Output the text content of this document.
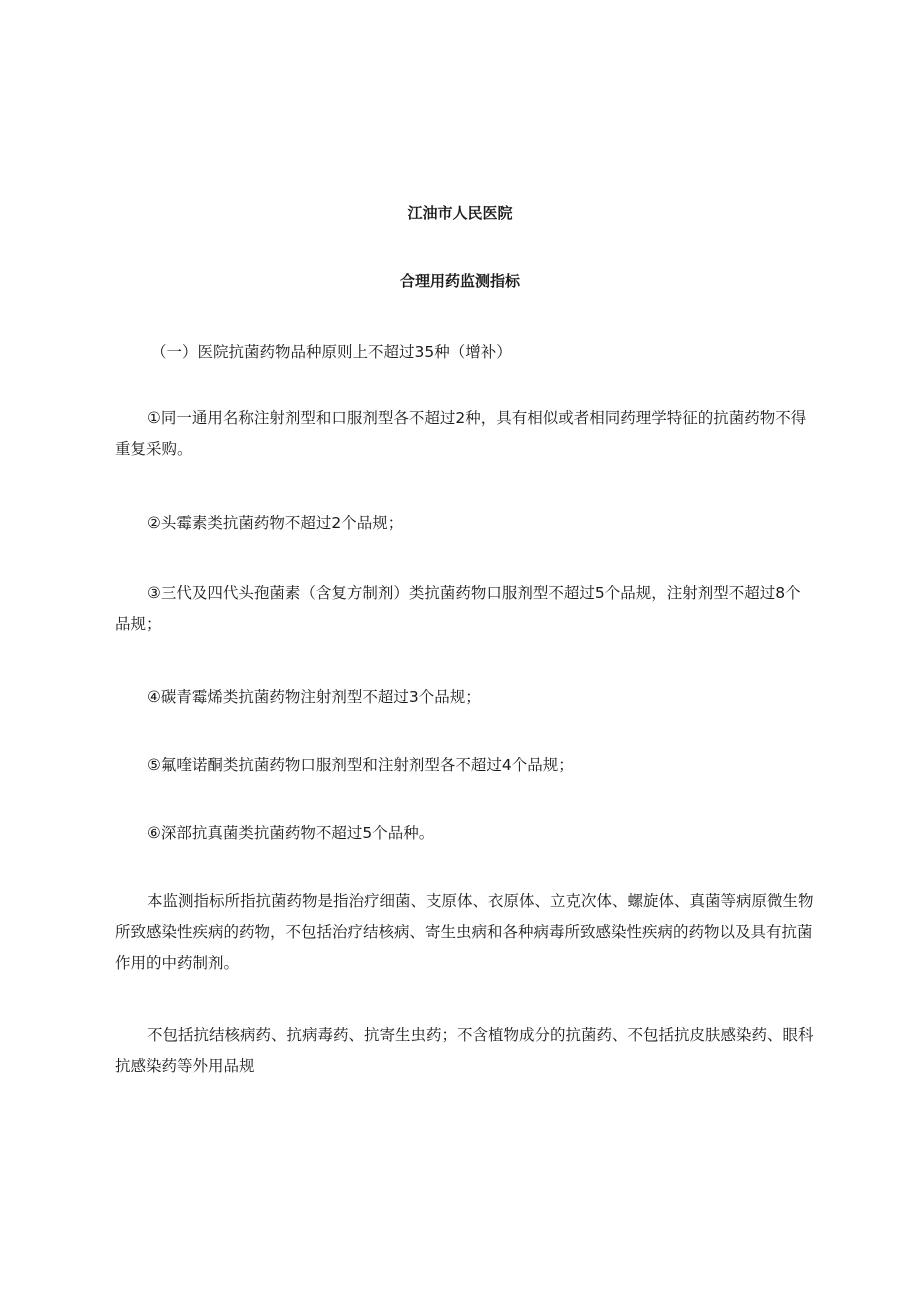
江油市人民医院
合理用药监测指标

（一）医院抗菌药物品种原则上不超过35种（增补）

①同一通用名称注射剂型和口服剂型各不超过2种，具有相似或者相同药理学特征的抗菌药物不得重复采购。

②头霉素类抗菌药物不超过2个品规；

③三代及四代头孢菌素（含复方制剂）类抗菌药物口服剂型不超过5个品规，注射剂型不超过8个品规；

④碳青霉烯类抗菌药物注射剂型不超过3个品规；

⑤氟喹诺酮类抗菌药物口服剂型和注射剂型各不超过4个品规；

⑥深部抗真菌类抗菌药物不超过5个品种。

本监测指标所指抗菌药物是指治疗细菌、支原体、衣原体、立克次体、螺旋体、真菌等病原微生物所致感染性疾病的药物，不包括治疗结核病、寄生虫病和各种病毒所致感染性疾病的药物以及具有抗菌作用的中药制剂。

不包括抗结核病药、抗病毒药、抗寄生虫药；不含植物成分的抗菌药、不包括抗皮肤感染药、眼科抗感染药等外用品规
